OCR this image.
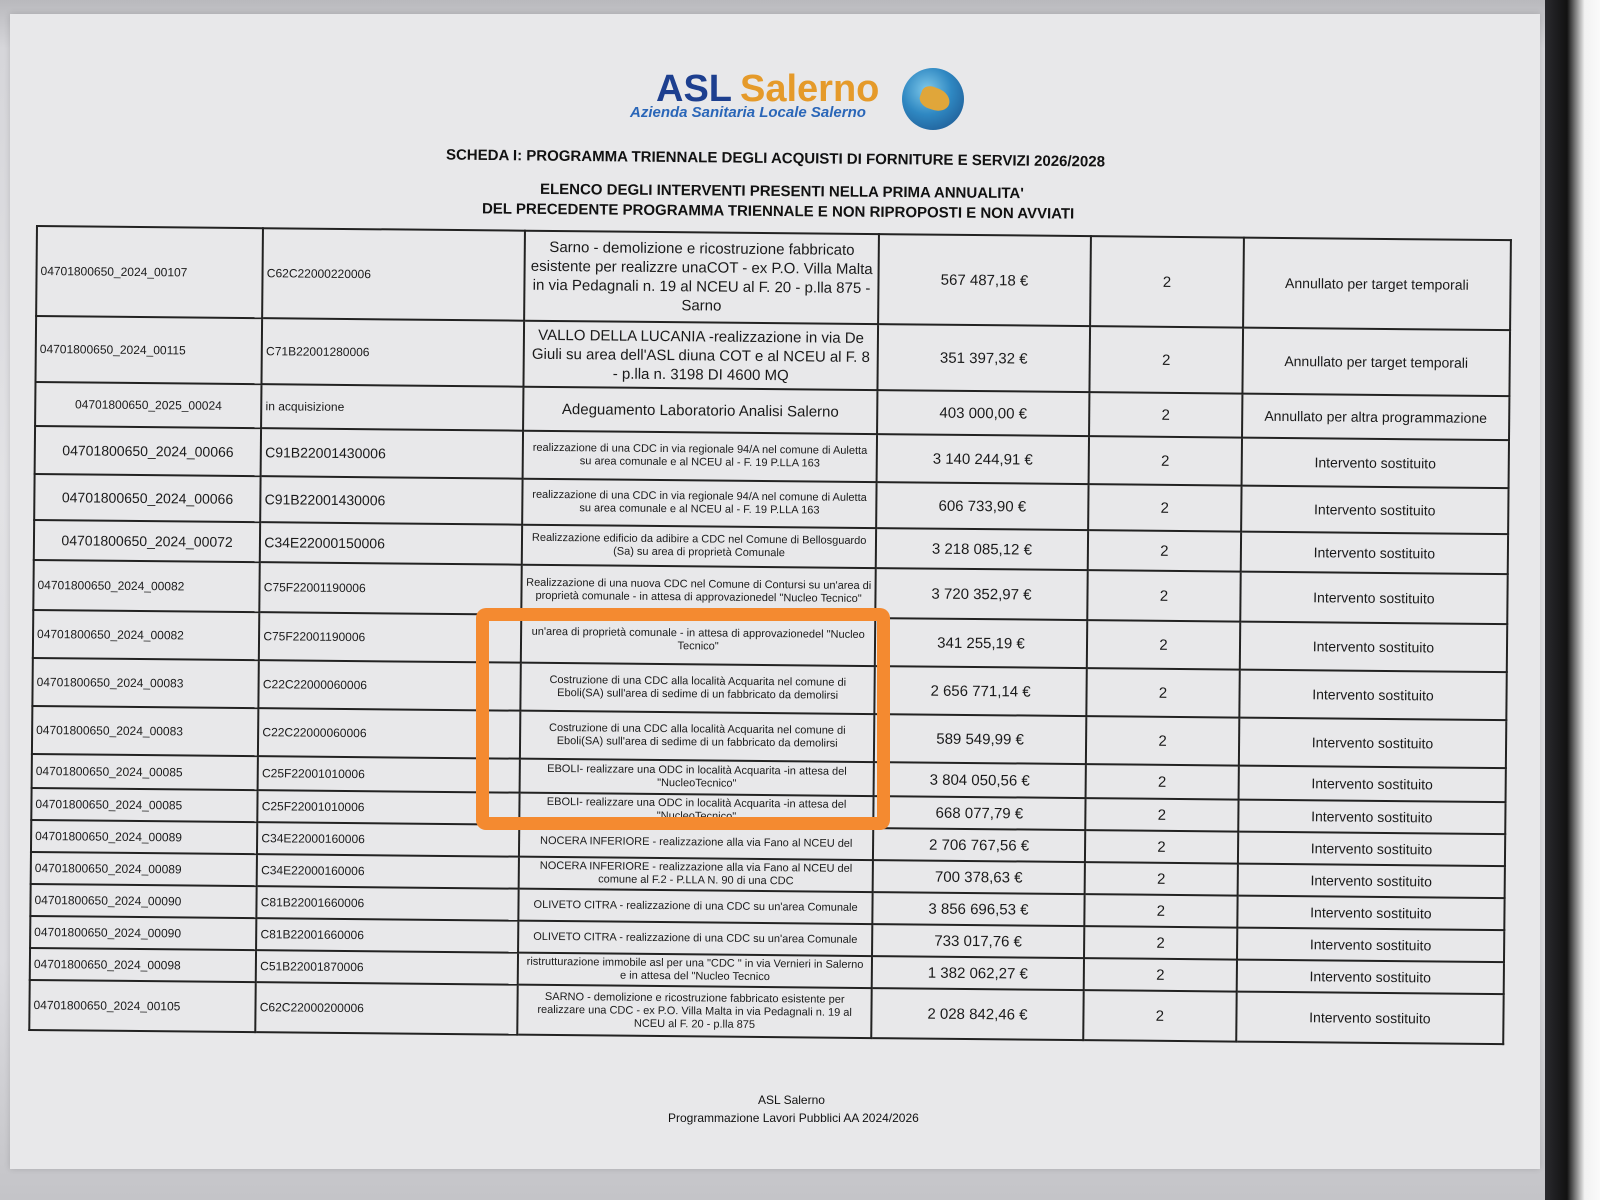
ASL Salerno
Azienda Sanitaria Locale Salerno
SCHEDA I: PROGRAMMA TRIENNALE DEGLI ACQUISTI DI FORNITURE E SERVIZI 2026/2028
ELENCO DEGLI INTERVENTI PRESENTI NELLA PRIMA ANNUALITA'
DEL PRECEDENTE PROGRAMMA TRIENNALE E NON RIPROPOSTI E NON AVVIATI
04701800650_2024_00107	C62C22000220006	Sarno - demolizione e ricostruzione fabbricato esistente per realizzre unaCOT - ex P.O. Villa Malta in via Pedagnali n. 19 al NCEU al F. 20 - p.lla 875 - Sarno	567 487,18 €	2	Annullato per target temporali
04701800650_2024_00115	C71B22001280006	VALLO DELLA LUCANIA -realizzazione in via De Giuli su area dell'ASL diuna COT e al NCEU al F. 8 - p.lla n. 3198 DI 4600 MQ	351 397,32 €	2	Annullato per target temporali
04701800650_2025_00024	in acquisizione	Adeguamento Laboratorio Analisi Salerno	403 000,00 €	2	Annullato per altra programmazione
04701800650_2024_00066	C91B22001430006	realizzazione di una CDC in via regionale 94/A nel comune di Auletta su area comunale e al NCEU al - F. 19 P.LLA 163	3 140 244,91 €	2	Intervento sostituito
04701800650_2024_00066	C91B22001430006	realizzazione di una CDC in via regionale 94/A nel comune di Auletta su area comunale e al NCEU al - F. 19 P.LLA 163	606 733,90 €	2	Intervento sostituito
04701800650_2024_00072	C34E22000150006	Realizzazione edificio da adibire a CDC nel Comune di Bellosguardo (Sa) su area di proprietà Comunale	3 218 085,12 €	2	Intervento sostituito
04701800650_2024_00082	C75F22001190006	Realizzazione di una nuova CDC nel Comune di Contursi su un'area di proprietà comunale - in attesa di approvazionedel "Nucleo Tecnico"	3 720 352,97 €	2	Intervento sostituito
04701800650_2024_00082	C75F22001190006	un'area di proprietà comunale - in attesa di approvazionedel "Nucleo Tecnico"	341 255,19 €	2	Intervento sostituito
04701800650_2024_00083	C22C22000060006	Costruzione di una CDC alla località Acquarita nel comune di Eboli(SA) sull'area di sedime di un fabbricato da demolirsi	2 656 771,14 €	2	Intervento sostituito
04701800650_2024_00083	C22C22000060006	Costruzione di una CDC alla località Acquarita nel comune di Eboli(SA) sull'area di sedime di un fabbricato da demolirsi	589 549,99 €	2	Intervento sostituito
04701800650_2024_00085	C25F22001010006	EBOLI- realizzare una ODC in località Acquarita -in attesa del "NucleoTecnico"	3 804 050,56 €	2	Intervento sostituito
04701800650_2024_00085	C25F22001010006	EBOLI- realizzare una ODC in località Acquarita -in attesa del "NucleoTecnico"	668 077,79 €	2	Intervento sostituito
04701800650_2024_00089	C34E22000160006	NOCERA INFERIORE - realizzazione alla via Fano al NCEU del	2 706 767,56 €	2	Intervento sostituito
04701800650_2024_00089	C34E22000160006	NOCERA INFERIORE - realizzazione alla via Fano al NCEU del comune al F.2 - P.LLA N. 90 di una CDC	700 378,63 €	2	Intervento sostituito
04701800650_2024_00090	C81B22001660006	OLIVETO CITRA - realizzazione di una CDC su un'area Comunale	3 856 696,53 €	2	Intervento sostituito
04701800650_2024_00090	C81B22001660006	OLIVETO CITRA - realizzazione di una CDC su un'area Comunale	733 017,76 €	2	Intervento sostituito
04701800650_2024_00098	C51B22001870006	ristrutturazione immobile asl per una "CDC " in via Vernieri in Salerno e in attesa del "Nucleo Tecnico	1 382 062,27 €	2	Intervento sostituito
04701800650_2024_00105	C62C22000200006	SARNO - demolizione e ricostruzione fabbricato esistente per realizzare una CDC - ex P.O. Villa Malta in via Pedagnali n. 19 al NCEU al F. 20 - p.lla 875	2 028 842,46 €	2	Intervento sostituito
ASL Salerno
Programmazione Lavori Pubblici AA 2024/2026
